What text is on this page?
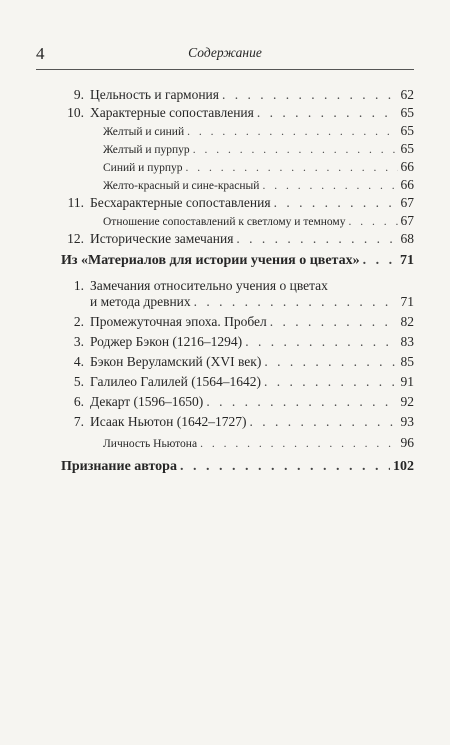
4	Содержание
9. Цельность и гармония . . .	62
10. Характерные сопоставления . . .	65
Желтый и синий . . .	65
Желтый и пурпур . . .	65
Синий и пурпур . . .	66
Желто-красный и сине-красный . . .	66
11. Бесхарактерные сопоставления . . .	67
Отношение сопоставлений к светлому и темному . . .	67
12. Исторические замечания . . .	68
Из «Материалов для истории учения о цветах» . . .	71
1. Замечания относительно учения о цветах
и метода древних . . .	71
2. Промежуточная эпоха. Пробел . . .	82
3. Роджер Бэкон (1216–1294) . . .	83
4. Бэкон Веруламский (XVI век) . . .	85
5. Галилео Галилей (1564–1642) . . .	91
6. Декарт (1596–1650) . . .	92
7. Исаак Ньютон (1642–1727) . . .	93
Личность Ньютона . . .	96
Признание автора . . .	102
